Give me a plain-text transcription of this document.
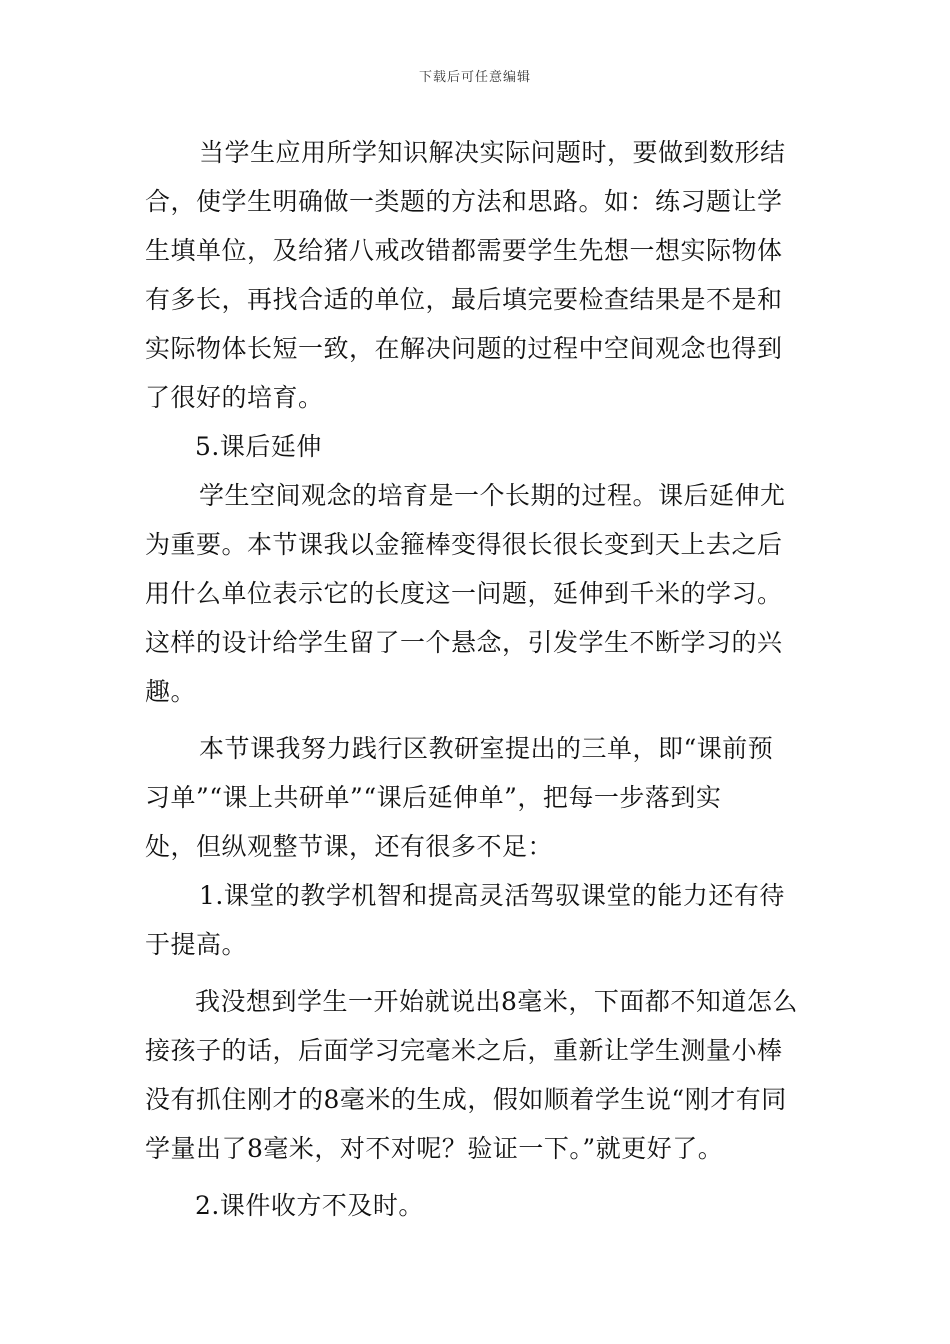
下载后可任意编辑
当学生应用所学知识解决实际问题时，要做到数形结
合，使学生明确做一类题的方法和思路。如：练习题让学
生填单位，及给猪八戒改错都需要学生先想一想实际物体
有多长，再找合适的单位，最后填完要检查结果是不是和
实际物体长短一致，在解决问题的过程中空间观念也得到
了很好的培育。
5.课后延伸
学生空间观念的培育是一个长期的过程。课后延伸尤
为重要。本节课我以金箍棒变得很长很长变到天上去之后
用什么单位表示它的长度这一问题，延伸到千米的学习。
这样的设计给学生留了一个悬念，引发学生不断学习的兴
趣。
本节课我努力践行区教研室提出的三单，即“课前预
习单”“课上共研单”“课后延伸单”，把每一步落到实
处，但纵观整节课，还有很多不足：
1.课堂的教学机智和提高灵活驾驭课堂的能力还有待
于提高。
我没想到学生一开始就说出8毫米，下面都不知道怎么
接孩子的话，后面学习完毫米之后，重新让学生测量小棒
没有抓住刚才的8毫米的生成，假如顺着学生说“刚才有同
学量出了8毫米，对不对呢？验证一下。”就更好了。
2.课件收方不及时。
